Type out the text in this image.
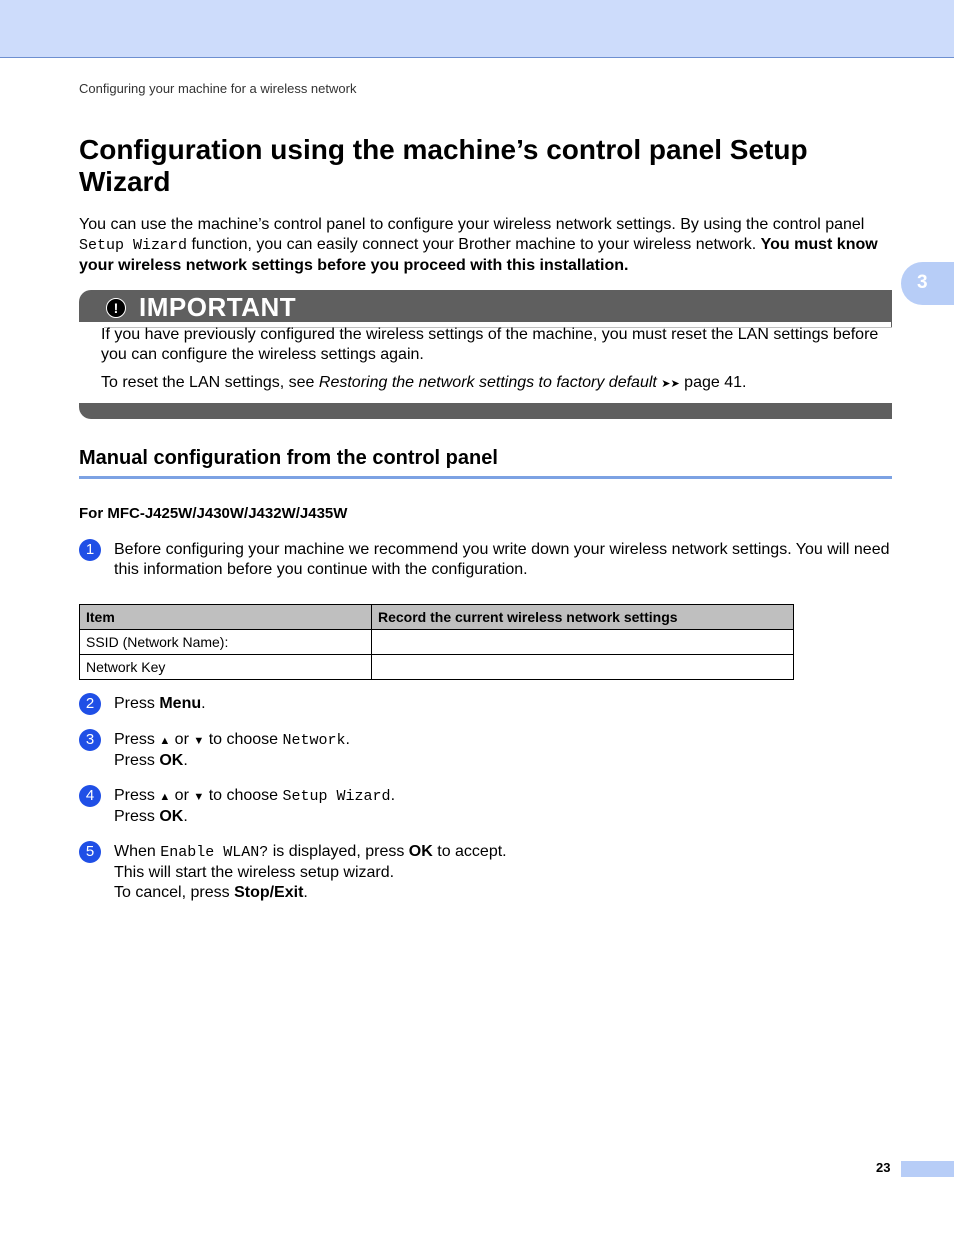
Configuring your machine for a wireless network
3
Configuration using the machine’s control panel Setup Wizard

You can use the machine’s control panel to configure your wireless network settings. By using the control panel Setup Wizard function, you can easily connect your Brother machine to your wireless network. You must know your wireless network settings before you proceed with this installation.

! IMPORTANT

If you have previously configured the wireless settings of the machine, you must reset the LAN settings before you can configure the wireless settings again.

To reset the LAN settings, see Restoring the network settings to factory default ➤➤ page 41.

Manual configuration from the control panel
For MFC-J425W/J430W/J432W/J435W
1	Before configuring your machine we recommend you write down your wireless network settings. You will need this information before you continue with the configuration.
Item	Record the current wireless network settings
SSID (Network Name):	
Network Key	
2	Press Menu.
3	Press ▲ or ▼ to choose Network.
Press OK.
4	Press ▲ or ▼ to choose Setup Wizard.
Press OK.
5	When Enable WLAN? is displayed, press OK to accept.
This will start the wireless setup wizard.
To cancel, press Stop/Exit.
23
